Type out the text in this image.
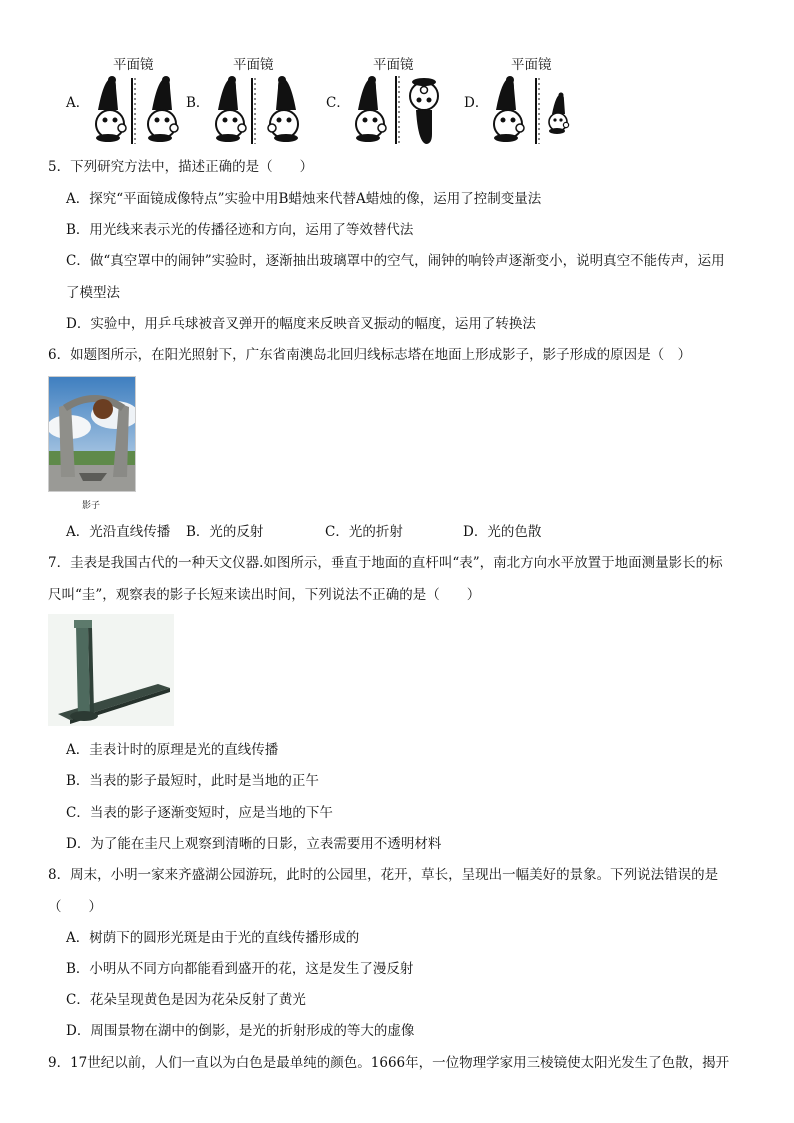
平面镜
A．
平面镜
B．
平面镜
C．
平面镜
D．
5．下列研究方法中，描述正确的是（　　）
A．探究“平面镜成像特点”实验中用B蜡烛来代替A蜡烛的像，运用了控制变量法
B．用光线来表示光的传播径迹和方向，运用了等效替代法
C．做“真空罩中的闹钟”实验时，逐渐抽出玻璃罩中的空气，闹钟的响铃声逐渐变小，说明真空不能传声，运用
了模型法
D．实验中，用乒乓球被音叉弹开的幅度来反映音叉振动的幅度，运用了转换法
6．如题图所示，在阳光照射下，广东省南澳岛北回归线标志塔在地面上形成影子，影子形成的原因是（　）
影子
A．光沿直线传播 B．光的反射	C．光的折射	D．光的色散
7．圭表是我国古代的一种天文仪器.如图所示，垂直于地面的直杆叫“表”，南北方向水平放置于地面测量影长的标
尺叫“圭”，观察表的影子长短来读出时间，下列说法不正确的是（　　）
A．圭表计时的原理是光的直线传播
B．当表的影子最短时，此时是当地的正午
C．当表的影子逐渐变短时，应是当地的下午
D．为了能在圭尺上观察到清晰的日影，立表需要用不透明材料
8．周末，小明一家来齐盛湖公园游玩，此时的公园里，花开，草长，呈现出一幅美好的景象。下列说法错误的是
（　　）
A．树荫下的圆形光斑是由于光的直线传播形成的
B．小明从不同方向都能看到盛开的花，这是发生了漫反射
C．花朵呈现黄色是因为花朵反射了黄光
D．周围景物在湖中的倒影，是光的折射形成的等大的虚像
9．17世纪以前，人们一直以为白色是最单纯的颜色。1666年，一位物理学家用三棱镜使太阳光发生了色散，揭开
